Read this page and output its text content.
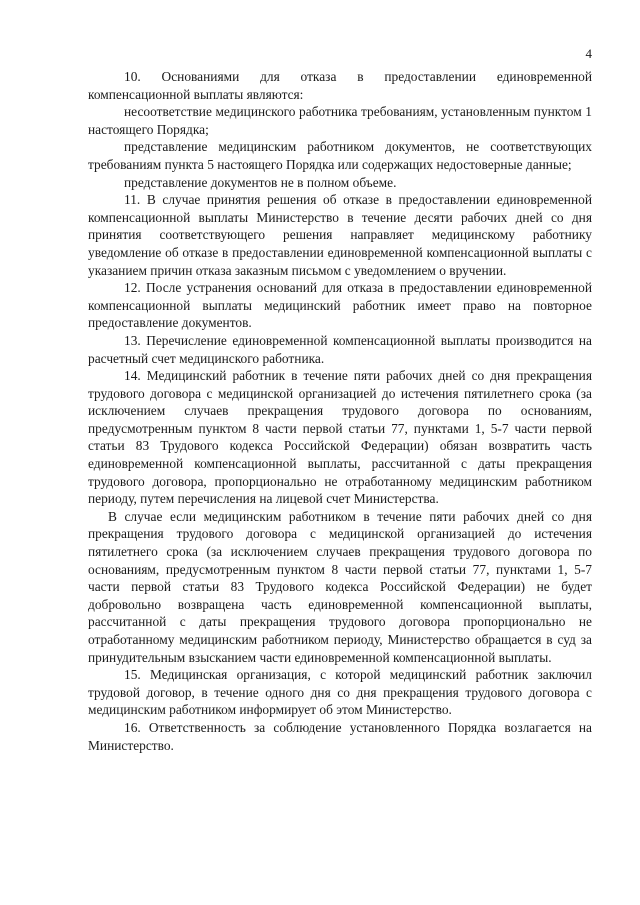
4

10. Основаниями для отказа в предоставлении единовременной компенсационной выплаты являются:

несоответствие медицинского работника требованиям, установленным пунктом 1 настоящего Порядка;

представление медицинским работником документов, не соответствующих требованиям пункта 5 настоящего Порядка или содержащих недостоверные данные;

представление документов не в полном объеме.

11. В случае принятия решения об отказе в предоставлении единовременной компенсационной выплаты Министерство в течение десяти рабочих дней со дня принятия соответствующего решения направляет медицинскому работнику уведомление об отказе в предоставлении единовременной компенсационной выплаты с указанием причин отказа заказным письмом с уведомлением о вручении.

12. После устранения оснований для отказа в предоставлении единовременной компенсационной выплаты медицинский работник имеет право на повторное предоставление документов.

13. Перечисление единовременной компенсационной выплаты производится на расчетный счет медицинского работника.

14. Медицинский работник в течение пяти рабочих дней со дня прекращения трудового договора с медицинской организацией до истечения пятилетнего срока (за исключением случаев прекращения трудового договора по основаниям, предусмотренным пунктом 8 части первой статьи 77, пунктами 1, 5-7 части первой статьи 83 Трудового кодекса Российской Федерации) обязан возвратить часть единовременной компенсационной выплаты, рассчитанной с даты прекращения трудового договора, пропорционально не отработанному медицинским работником периоду, путем перечисления на лицевой счет Министерства.

В случае если медицинским работником в течение пяти рабочих дней со дня прекращения трудового договора с медицинской организацией до истечения пятилетнего срока (за исключением случаев прекращения трудового договора по основаниям, предусмотренным пунктом 8 части первой статьи 77, пунктами 1, 5-7 части первой статьи 83 Трудового кодекса Российской Федерации) не будет добровольно возвращена часть единовременной компенсационной выплаты, рассчитанной с даты прекращения трудового договора пропорционально не отработанному медицинским работником периоду, Министерство обращается в суд за принудительным взысканием части единовременной компенсационной выплаты.

15. Медицинская организация, с которой медицинский работник заключил трудовой договор, в течение одного дня со дня прекращения трудового договора с медицинским работником информирует об этом Министерство.

16. Ответственность за соблюдение установленного Порядка возлагается на Министерство.
